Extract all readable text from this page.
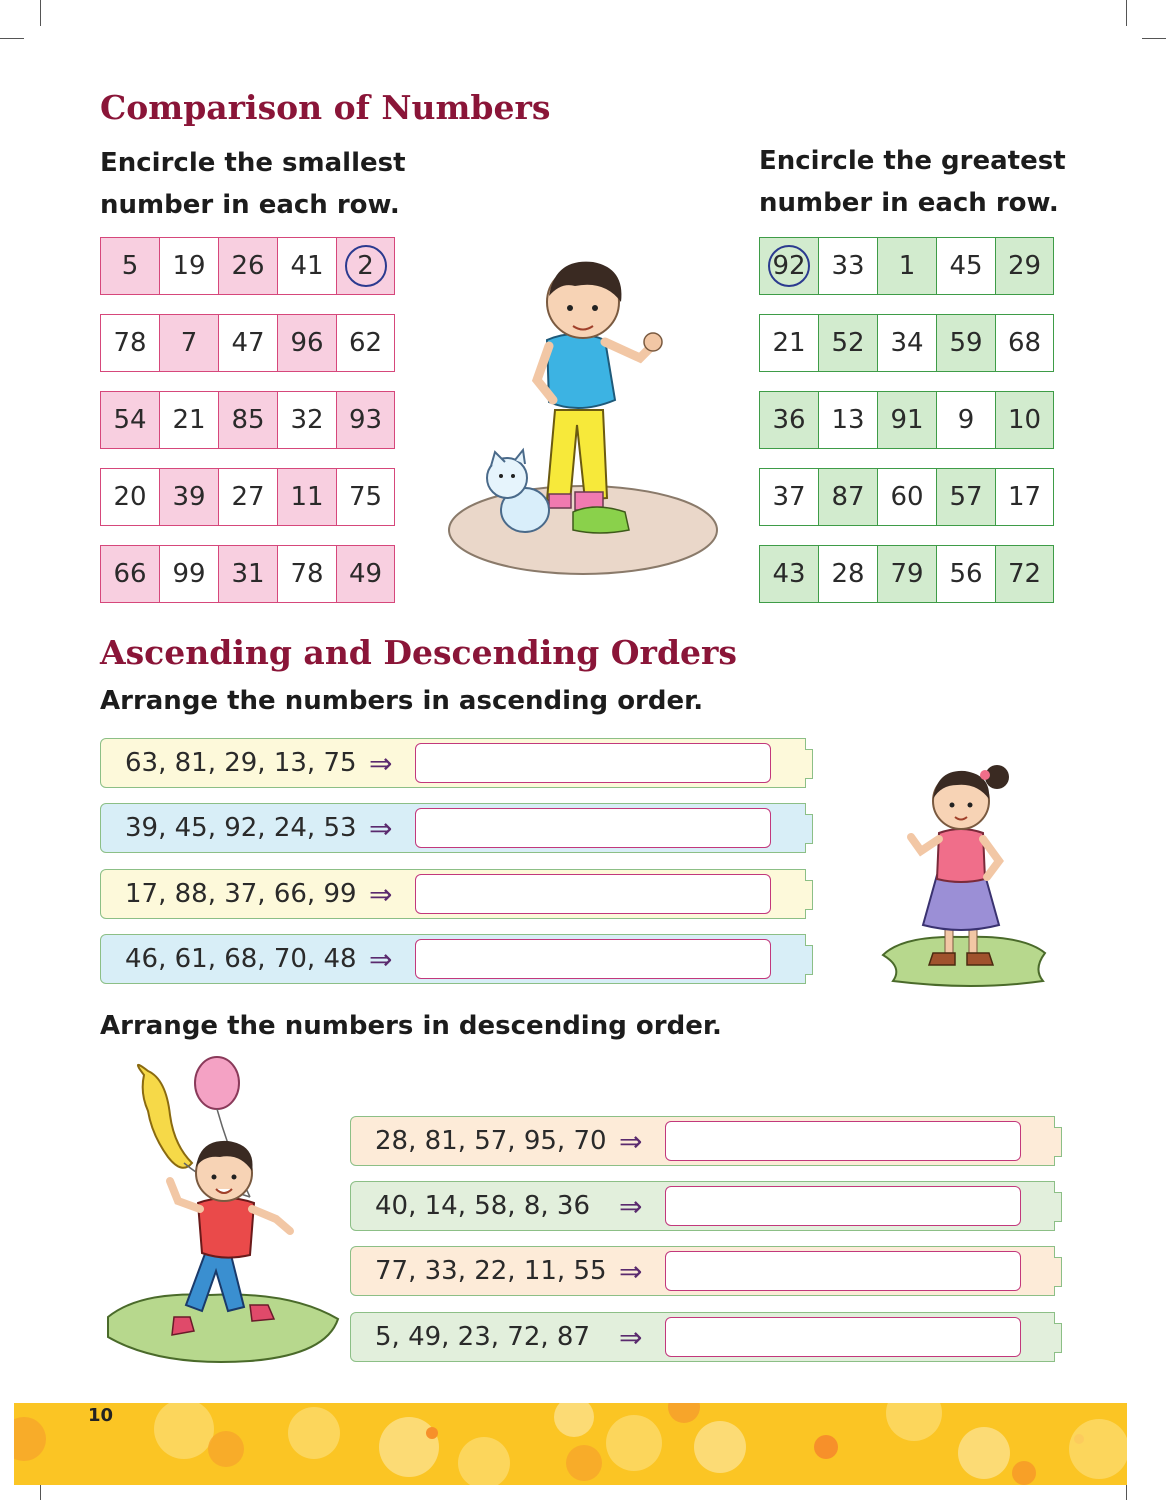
Comparison of Numbers
Encircle the smallest
number in each row.
Encircle the greatest
number in each row.
5	19 26 41	2
78	7	47 96 62
54 21 85 32 93
20 39 27 11 75
66 99 31 78 49
92 33	1	45 29
21 52 34 59 68
36 13 91	9	10
37 87 60 57 17
43 28 79 56 72
Ascending and Descending Orders
Arrange the numbers in ascending order.
63, 81, 29, 13, 75 ⇒
39, 45, 92, 24, 53 ⇒
17, 88, 37, 66, 99 ⇒
46, 61, 68, 70, 48 ⇒
Arrange the numbers in descending order.
28, 81, 57, 95, 70 ⇒
40, 14, 58, 8, 36 ⇒
77, 33, 22, 11, 55 ⇒
5, 49, 23, 72, 87 ⇒
10
